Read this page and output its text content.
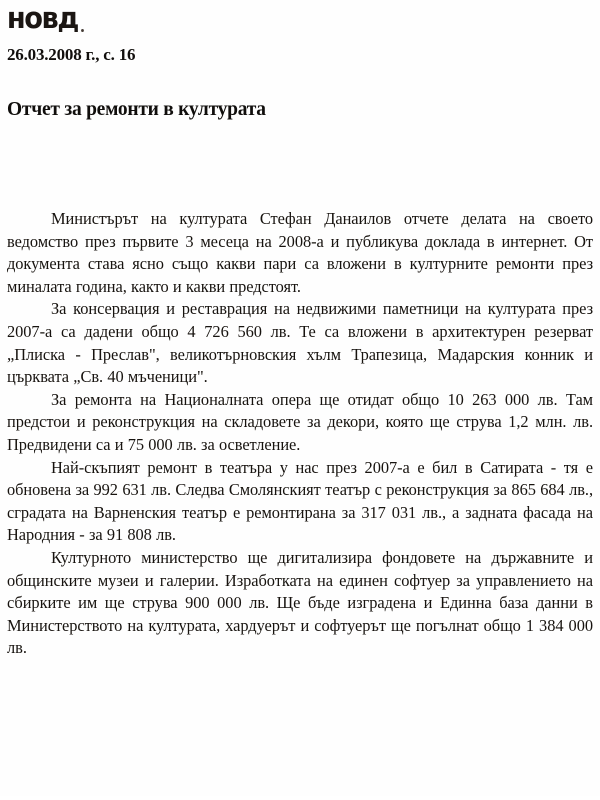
новд
26.03.2008 г., с. 16
Отчет за ремонти в културата

Министърът на културата Стефан Данаилов отчете делата на своето ведомство през първите 3 месеца на 2008-а и публикува доклада в интернет. От документа става ясно също какви пари са вложени в културните ремонти през миналата година, както и какви предстоят.

За консервация и реставрация на недвижими паметници на културата през 2007-а са дадени общо 4 726 560 лв. Те са вложени в архитектурен резерват „Плиска - Преслав", великотърновския хълм Трапезица, Мадарския конник и църквата „Св. 40 мъченици".

За ремонта на Националната опера ще отидат общо 10 263 000 лв. Там предстои и реконструкция на складовете за декори, която ще струва 1,2 млн. лв. Предвидени са и 75 000 лв. за осветление.

Най-скъпият ремонт в театъра у нас през 2007-а е бил в Сатирата - тя е обновена за 992 631 лв. Следва Смолянският театър с реконструкция за 865 684 лв., сградата на Варненския театър е ремонтирана за 317 031 лв., а задната фасада на Народния - за 91 808 лв.

Културното министерство ще дигитализира фондовете на държавните и общинските музеи и галерии. Изработката на единен софтуер за управлението на сбирките им ще струва 900 000 лв. Ще бъде изградена и Единна база данни в Министерството на културата, хардуерът и софтуерът ще погълнат общо 1 384 000 лв.
